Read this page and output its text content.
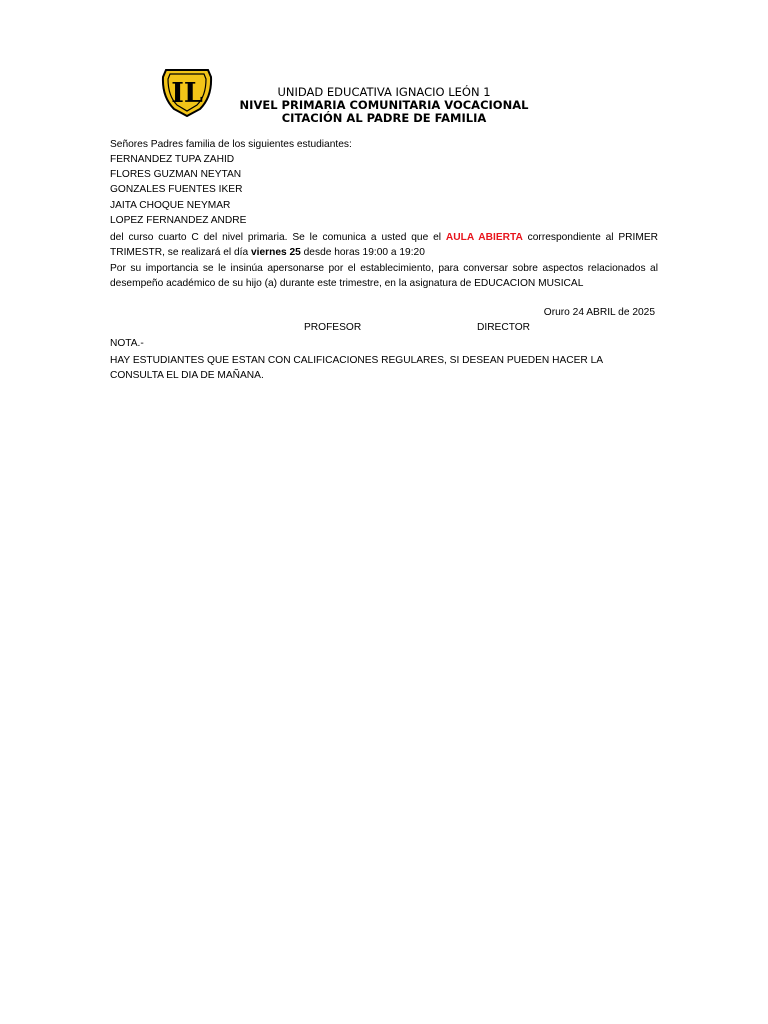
IL	UNIDAD EDUCATIVA IGNACIO LEÓN 1
NIVEL PRIMARIA COMUNITARIA VOCACIONAL
CITACIÓN AL PADRE DE FAMILIA
Señores Padres familia de los siguientes estudiantes:
FERNANDEZ TUPA ZAHID
FLORES GUZMAN NEYTAN
GONZALES FUENTES IKER
JAITA CHOQUE NEYMAR
LOPEZ FERNANDEZ ANDRE
del curso cuarto C del nivel primaria. Se le comunica a usted que el AULA ABIERTA correspondiente al PRIMER TRIMESTR, se realizará el día viernes 25 desde horas 19:00 a 19:20
Por su importancia se le insinúa apersonarse por el establecimiento, para conversar sobre aspectos relacionados al desempeño académico de su hijo (a) durante este trimestre, en la asignatura de EDUCACION MUSICAL
Oruro 24 ABRIL de 2025
PROFESOR	DIRECTOR
NOTA.-
HAY ESTUDIANTES QUE ESTAN CON CALIFICACIONES REGULARES, SI DESEAN PUEDEN HACER LA CONSULTA EL DIA DE MAÑANA.
